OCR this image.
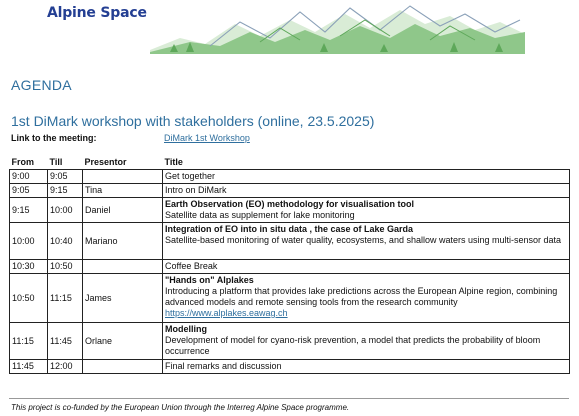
Alpine Space
AGENDA
1st DiMark workshop with stakeholders (online, 23.5.2025)
Link to the meeting:	DiMark 1st Workshop
From	Till	Presentor	Title
9:00	9:05		Get together

9:05	9:15	Tina	Intro on DiMark

9:15	10:00	Daniel	Earth Observation (EO) methodology for visualisation tool
Satellite data as supplement for lake monitoring

10:00	10:40	Mariano	Integration of EO into in situ data , the case of Lake Garda
Satellite-based monitoring of water quality, ecosystems, and shallow waters using multi-sensor data

10:30	10:50		Coffee Break

10:50	11:15	James	"Hands on" Alplakes
Introducing a platform that provides lake predictions across the European Alpine region, combining advanced models and remote sensing tools from the research community
https://www.alplakes.eawag.ch

11:15	11:45	Orlane	Modelling
Development of model for cyano-risk prevention, a model that predicts the probability of bloom occurrence

11:45	12:00		Final remarks and discussion
This project is co-funded by the European Union through the Interreg Alpine Space programme.
